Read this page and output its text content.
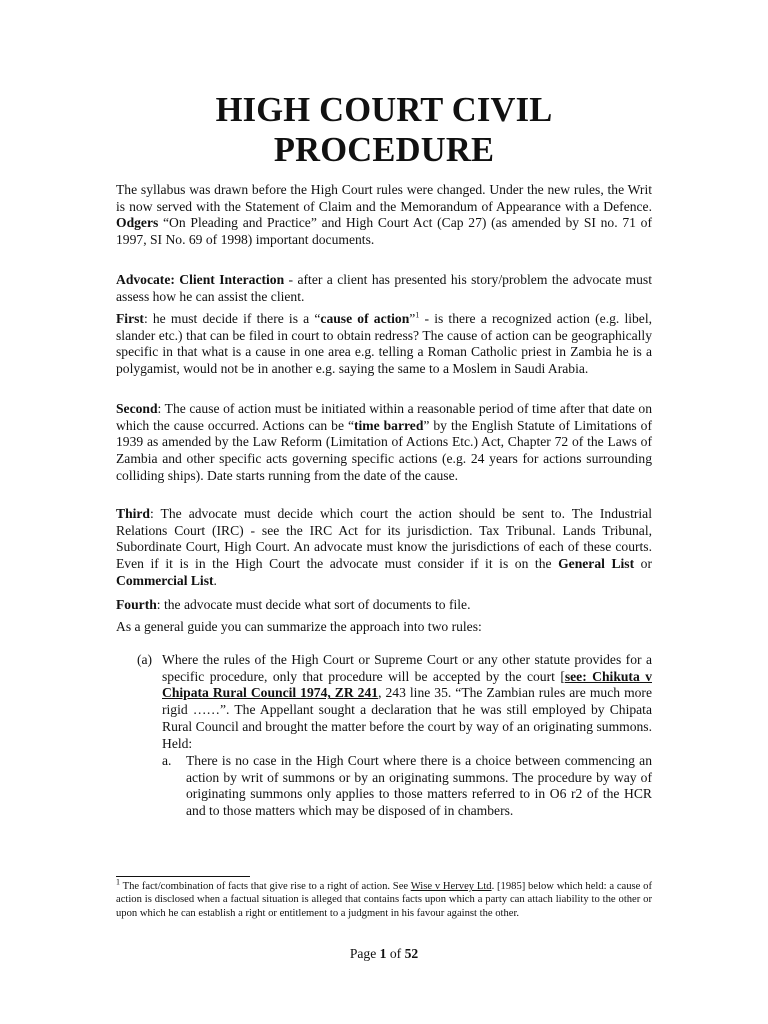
HIGH COURT CIVIL
PROCEDURE

The syllabus was drawn before the High Court rules were changed. Under the new rules, the Writ is now served with the Statement of Claim and the Memorandum of Appearance with a Defence. Odgers “On Pleading and Practice” and High Court Act (Cap 27) (as amended by SI no. 71 of 1997, SI No. 69 of 1998) important documents.

Advocate: Client Interaction - after a client has presented his story/problem the advocate must assess how he can assist the client.

First: he must decide if there is a “cause of action”$^1$ - is there a recognized action (e.g. libel, slander etc.) that can be filed in court to obtain redress? The cause of action can be geographically specific in that what is a cause in one area e.g. telling a Roman Catholic priest in Zambia he is a polygamist, would not be in another e.g. saying the same to a Moslem in Saudi Arabia.

Second: The cause of action must be initiated within a reasonable period of time after that date on which the cause occurred. Actions can be “time barred” by the English Statute of Limitations of 1939 as amended by the Law Reform (Limitation of Actions Etc.) Act, Chapter 72 of the Laws of Zambia and other specific acts governing specific actions (e.g. 24 years for actions surrounding colliding ships). Date starts running from the date of the cause.

Third: The advocate must decide which court the action should be sent to. The Industrial Relations Court (IRC) - see the IRC Act for its jurisdiction. Tax Tribunal. Lands Tribunal, Subordinate Court, High Court. An advocate must know the jurisdictions of each of these courts. Even if it is in the High Court the advocate must consider if it is on the General List or Commercial List.

Fourth: the advocate must decide what sort of documents to file.

As a general guide you can summarize the approach into two rules:

(a) Where the rules of the High Court or Supreme Court or any other statute provides for a specific procedure, only that procedure will be accepted by the court [see: Chikuta v Chipata Rural Council 1974, ZR 241, 243 line 35. “The Zambian rules are much more rigid ……”. The Appellant sought a declaration that he was still employed by Chipata Rural Council and brought the matter before the court by way of an originating summons. Held:

a. There is no case in the High Court where there is a choice between commencing an action by writ of summons or by an originating summons. The procedure by way of originating summons only applies to those matters referred to in O6 r2 of the HCR and to those matters which may be disposed of in chambers.

$^1$ The fact/combination of facts that give rise to a right of action. See Wise v Hervey Ltd. [1985] below which held: a cause of action is disclosed when a factual situation is alleged that contains facts upon which a party can attach liability to the other or upon which he can establish a right or entitlement to a judgment in his favour against the other.

Page 1 of 52
